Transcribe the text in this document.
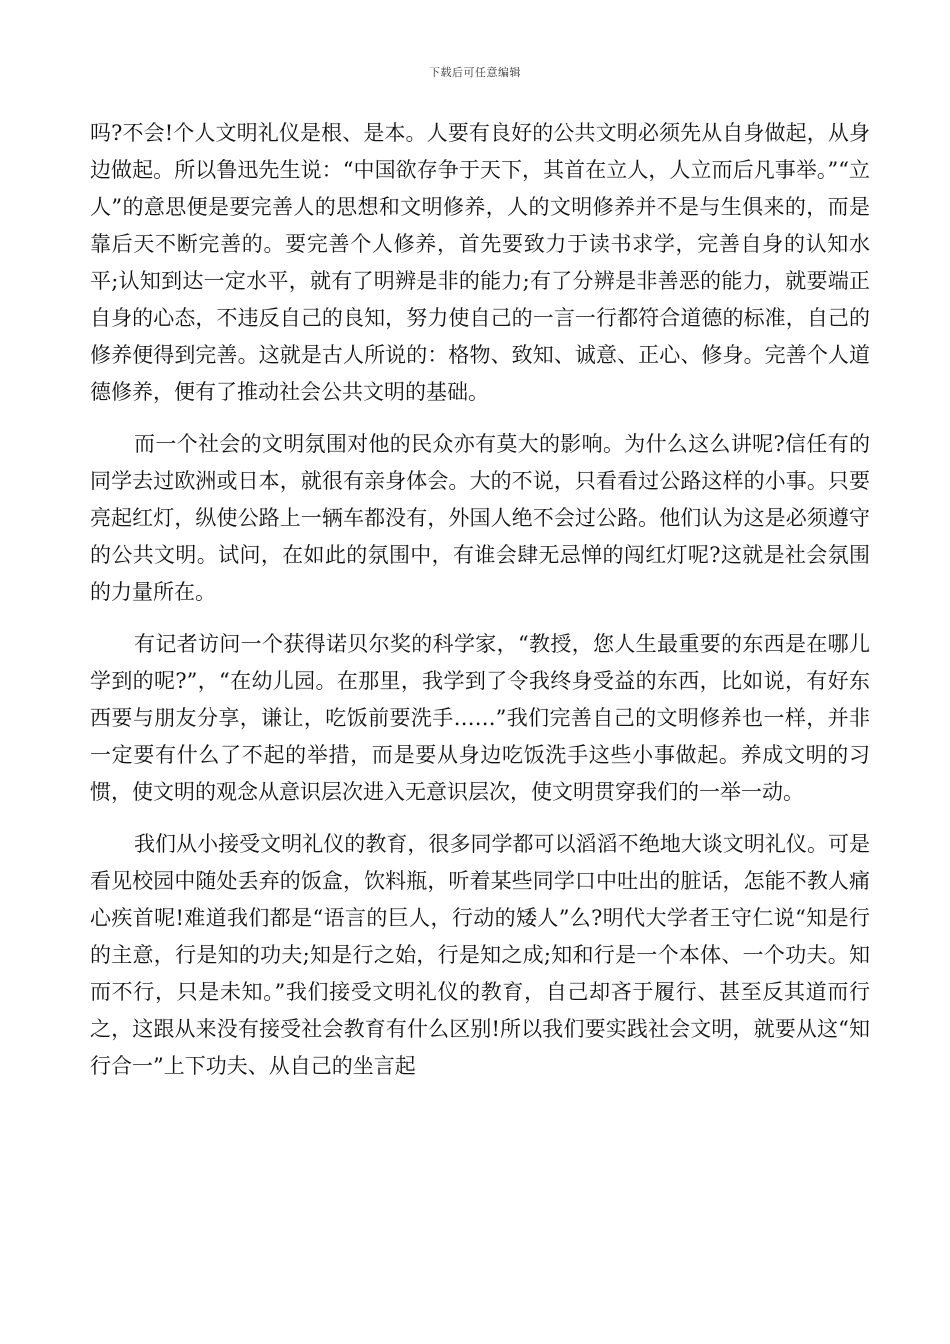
下载后可任意编辑

吗?不会!个人文明礼仪是根、是本。人要有良好的公共文明必须先从自身做起，从身边做起。所以鲁迅先生说：“中国欲存争于天下，其首在立人，人立而后凡事举。”“立人”的意思便是要完善人的思想和文明修养，人的文明修养并不是与生俱来的，而是靠后天不断完善的。要完善个人修养，首先要致力于读书求学，完善自身的认知水平;认知到达一定水平，就有了明辨是非的能力;有了分辨是非善恶的能力，就要端正自身的心态，不违反自己的良知，努力使自己的一言一行都符合道德的标准，自己的修养便得到完善。这就是古人所说的：格物、致知、诚意、正心、修身。完善个人道德修养，便有了推动社会公共文明的基础。

而一个社会的文明氛围对他的民众亦有莫大的影响。为什么这么讲呢?信任有的同学去过欧洲或日本，就很有亲身体会。大的不说，只看看过公路这样的小事。只要亮起红灯，纵使公路上一辆车都没有，外国人绝不会过公路。他们认为这是必须遵守的公共文明。试问，在如此的氛围中，有谁会肆无忌惮的闯红灯呢?这就是社会氛围的力量所在。

有记者访问一个获得诺贝尔奖的科学家，“教授，您人生最重要的东西是在哪儿学到的呢?”，“在幼儿园。在那里，我学到了令我终身受益的东西，比如说，有好东西要与朋友分享，谦让，吃饭前要洗手……”我们完善自己的文明修养也一样，并非一定要有什么了不起的举措，而是要从身边吃饭洗手这些小事做起。养成文明的习惯，使文明的观念从意识层次进入无意识层次，使文明贯穿我们的一举一动。

我们从小接受文明礼仪的教育，很多同学都可以滔滔不绝地大谈文明礼仪。可是看见校园中随处丢弃的饭盒，饮料瓶，听着某些同学口中吐出的脏话，怎能不教人痛心疾首呢!难道我们都是“语言的巨人，行动的矮人”么?明代大学者王守仁说“知是行的主意，行是知的功夫;知是行之始，行是知之成;知和行是一个本体、一个功夫。知而不行，只是未知。”我们接受文明礼仪的教育，自己却吝于履行、甚至反其道而行之，这跟从来没有接受社会教育有什么区别!所以我们要实践社会文明，就要从这“知行合一”上下功夫、从自己的坐言起
